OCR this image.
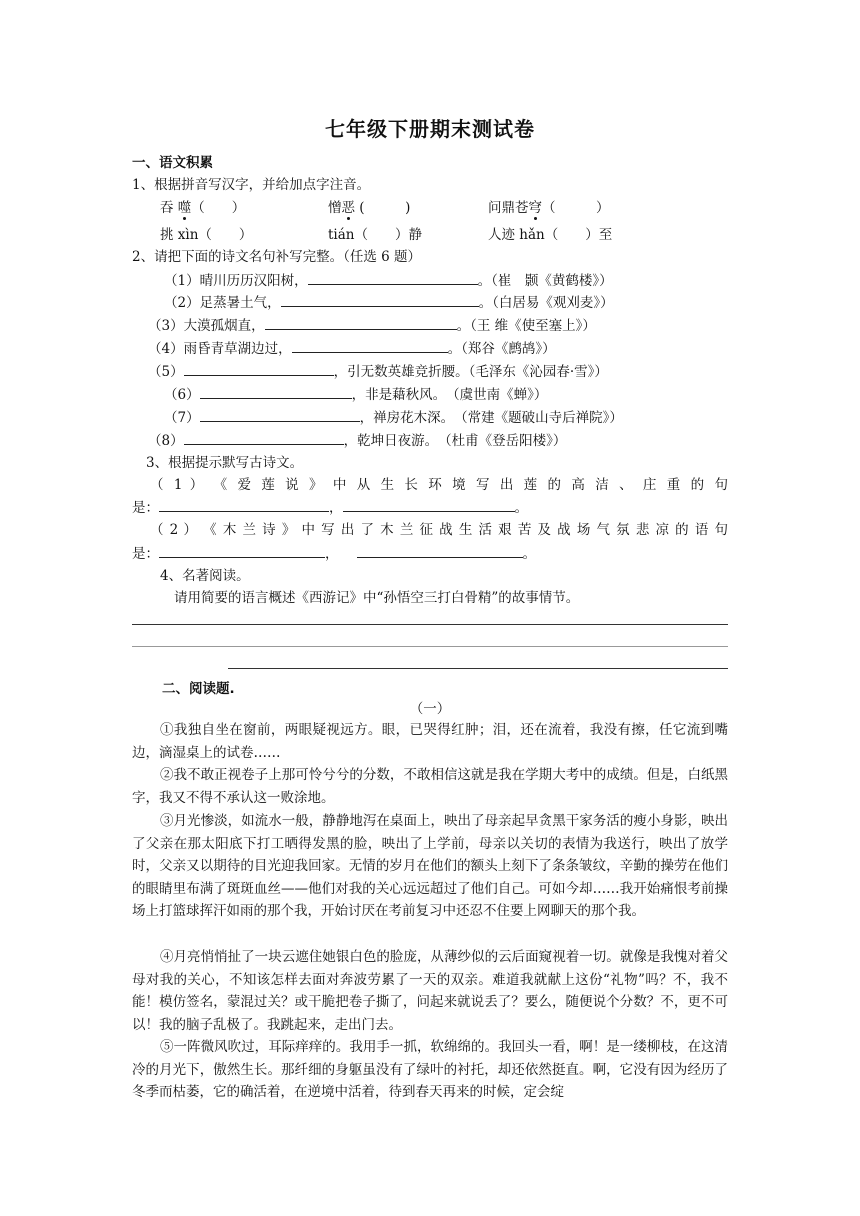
七年级下册期末测试卷
一、语文积累
1、根据拼音写汉字，并给加点字注音。
吞 噬（　　）	憎恶 (　　　)	问鼎苍穹（　　　）
挑 xìn（　　）	tián（　　）静	人迹 hǎn（　　）至
2、请把下面的诗文名句补写完整。（任选 6 题）
（1）晴川历历汉阳树，	。（崔　颢《黄鹤楼》）
（2）足蒸暑土气，	。（白居易《观刈麦》）
（3）大漠孤烟直，	。（王 维《使至塞上》）
（4）雨昏青草湖边过，	。（郑谷《鹧鸪》）
（5）	，引无数英雄竞折腰。（毛泽东《沁园春·雪》）
（6）	，非是藉秋风。　（虞世南《蝉》）
（7）	，禅房花木深。　（常建《题破山寺后禅院》）
（8）	，乾坤日夜游。　（杜甫《登岳阳楼》）
3、根据提示默写古诗文。
（ 1 ） 《 爱 莲 说 》 中 从 生 长 环 境 写 出 莲 的 高 洁 、 庄 重 的 句
是：	，	。
（ 2 ） 《 木 兰 诗 》 中 写 出 了 木 兰 征 战 生 活 艰 苦 及 战 场 气 氛 悲 凉 的 语 句
是：	，	。
4、名著阅读。
请用简要的语言概述《西游记》中“孙悟空三打白骨精”的故事情节。
二、阅读题.
（一）
①我独自坐在窗前，两眼疑视远方。眼，已哭得红肿；泪，还在流着，我没有擦，任它流到嘴边，滴湿桌上的试卷……
②我不敢正视卷子上那可怜兮兮的分数，不敢相信这就是我在学期大考中的成绩。但是，白纸黑字，我又不得不承认这一败涂地。
③月光惨淡，如流水一般，静静地泻在桌面上，映出了母亲起早贪黑干家务活的瘦小身影，映出了父亲在那太阳底下打工晒得发黑的脸，映出了上学前，母亲以关切的表情为我送行，映出了放学时，父亲又以期待的目光迎我回家。无情的岁月在他们的额头上刻下了条条皱纹，辛勤的操劳在他们的眼睛里布满了斑斑血丝——他们对我的关心远远超过了他们自己。可如今却……我开始痛恨考前操场上打篮球挥汗如雨的那个我，开始讨厌在考前复习中还忍不住要上网聊天的那个我。
④月亮悄悄扯了一块云遮住她银白色的脸庞，从薄纱似的云后面窥视着一切。就像是我愧对着父母对我的关心，不知该怎样去面对奔波劳累了一天的双亲。难道我就献上这份“礼物”吗？不，我不能！模仿签名，蒙混过关？或干脆把卷子撕了，问起来就说丢了？要么，随便说个分数？不，更不可以！我的脑子乱极了。我跳起来，走出门去。
⑤一阵微风吹过，耳际痒痒的。我用手一抓，软绵绵的。我回头一看，啊！是一缕柳枝，在这清冷的月光下，傲然生长。那纤细的身躯虽没有了绿叶的衬托，却还依然挺直。啊，它没有因为经历了冬季而枯萎，它的确活着，在逆境中活着，待到春天再来的时候，定会绽
